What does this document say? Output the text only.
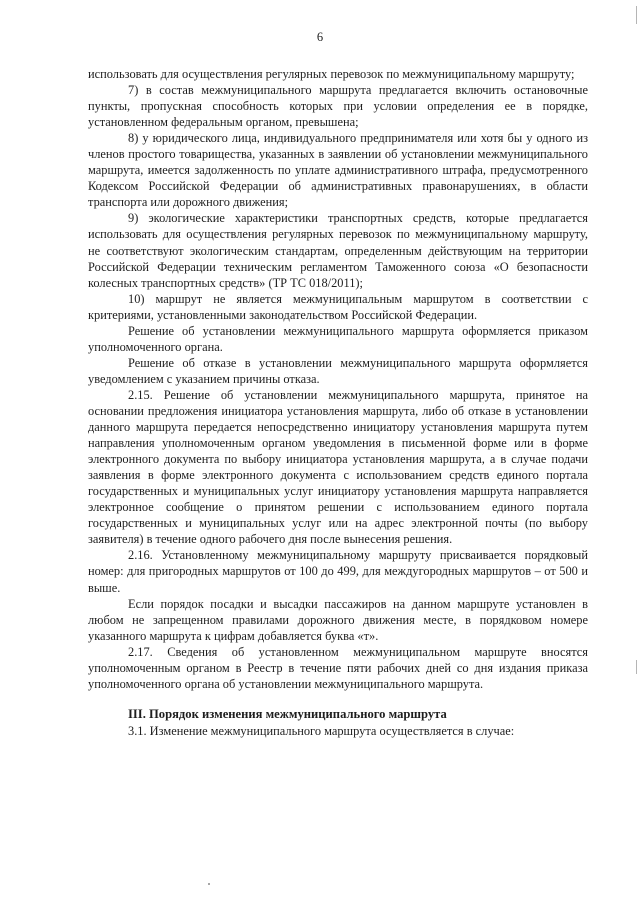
6

использовать для осуществления регулярных перевозок по межмуниципальному маршруту;

7) в состав межмуниципального маршрута предлагается включить остановочные пункты, пропускная способность которых при условии определения ее в порядке, установленном федеральным органом, превышена;

8) у юридического лица, индивидуального предпринимателя или хотя бы у одного из членов простого товарищества, указанных в заявлении об установлении межмуниципального маршрута, имеется задолженность по уплате административного штрафа, предусмотренного Кодексом Российской Федерации об административных правонарушениях, в области транспорта или дорожного движения;

9) экологические характеристики транспортных средств, которые предлагается использовать для осуществления регулярных перевозок по межмуниципальному маршруту, не соответствуют экологическим стандартам, определенным действующим на территории Российской Федерации техническим регламентом Таможенного союза «О безопасности колесных транспортных средств» (ТР ТС 018/2011);

10) маршрут не является межмуниципальным маршрутом в соответствии с критериями, установленными законодательством Российской Федерации.

Решение об установлении межмуниципального маршрута оформляется приказом уполномоченного органа.

Решение об отказе в установлении межмуниципального маршрута оформляется уведомлением с указанием причины отказа.

2.15. Решение об установлении межмуниципального маршрута, принятое на основании предложения инициатора установления маршрута, либо об отказе в установлении данного маршрута передается непосредственно инициатору установления маршрута путем направления уполномоченным органом уведомления в письменной форме или в форме электронного документа по выбору инициатора установления маршрута, а в случае подачи заявления в форме электронного документа с использованием средств единого портала государственных и муниципальных услуг инициатору установления маршрута направляется электронное сообщение о принятом решении с использованием единого портала государственных и муниципальных услуг или на адрес электронной почты (по выбору заявителя) в течение одного рабочего дня после вынесения решения.

2.16. Установленному межмуниципальному маршруту присваивается порядковый номер: для пригородных маршрутов от 100 до 499, для междугородных маршрутов – от 500 и выше.

Если порядок посадки и высадки пассажиров на данном маршруте установлен в любом не запрещенном правилами дорожного движения месте, в порядковом номере указанного маршрута к цифрам добавляется буква «т».

2.17. Сведения об установленном межмуниципальном маршруте вносятся уполномоченным органом в Реестр в течение пяти рабочих дней со дня издания приказа уполномоченного органа об установлении межмуниципального маршрута.

III. Порядок изменения межмуниципального маршрута

3.1. Изменение межмуниципального маршрута осуществляется в случае:
